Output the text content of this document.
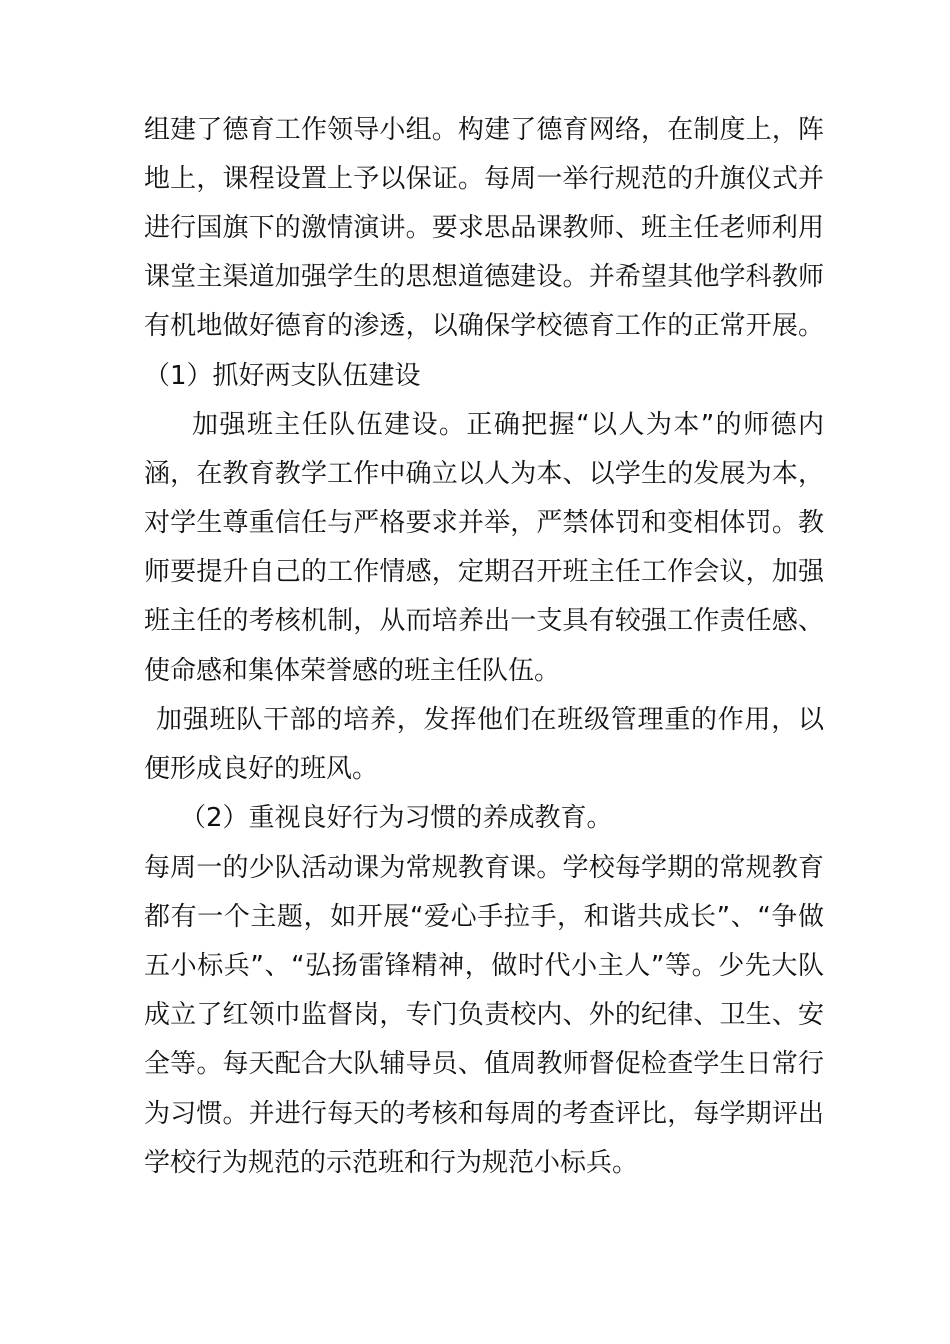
组建了德育工作领导小组。构建了德育网络，在制度上，阵
地上，课程设置上予以保证。每周一举行规范的升旗仪式并
进行国旗下的激情演讲。要求思品课教师、班主任老师利用
课堂主渠道加强学生的思想道德建设。并希望其他学科教师
有机地做好德育的渗透，以确保学校德育工作的正常开展。
（1）抓好两支队伍建设
加强班主任队伍建设。正确把握“以人为本”的师德内
涵，在教育教学工作中确立以人为本、以学生的发展为本，
对学生尊重信任与严格要求并举，严禁体罚和变相体罚。教
师要提升自己的工作情感，定期召开班主任工作会议，加强
班主任的考核机制，从而培养出一支具有较强工作责任感、
使命感和集体荣誉感的班主任队伍。
加强班队干部的培养，发挥他们在班级管理重的作用，以
便形成良好的班风。
（2）重视良好行为习惯的养成教育。
每周一的少队活动课为常规教育课。学校每学期的常规教育
都有一个主题，如开展“爱心手拉手，和谐共成长”、“争做
五小标兵”、“弘扬雷锋精神，做时代小主人”等。少先大队
成立了红领巾监督岗，专门负责校内、外的纪律、卫生、安
全等。每天配合大队辅导员、值周教师督促检查学生日常行
为习惯。并进行每天的考核和每周的考查评比，每学期评出
学校行为规范的示范班和行为规范小标兵。
